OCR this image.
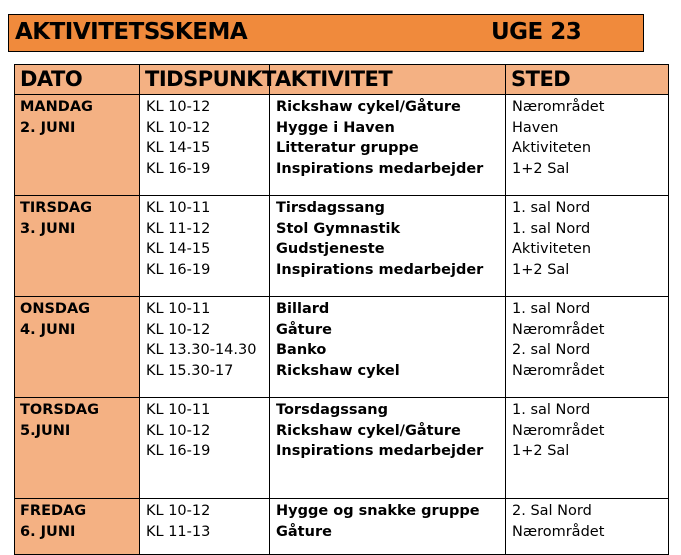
AKTIVITETSSKEMA	UGE 23
DATO	TIDSPUNKT	AKTIVITET	STED

MANDAG
2. JUNI	KL 10-12
KL 10-12
KL 14-15
KL 16-19	Rickshaw cykel/Gåture
Hygge i Haven
Litteratur gruppe
Inspirations medarbejder	Nærområdet
Haven
Aktiviteten
1+2 Sal

TIRSDAG
3. JUNI	KL 10-11
KL 11-12
KL 14-15
KL 16-19	Tirsdagssang
Stol Gymnastik
Gudstjeneste
Inspirations medarbejder	1. sal Nord
1. sal Nord
Aktiviteten
1+2 Sal

ONSDAG
4. JUNI	KL 10-11
KL 10-12
KL 13.30-14.30
KL 15.30-17	Billard
Gåture
Banko
Rickshaw cykel	1. sal Nord
Nærområdet
2. sal Nord
Nærområdet

TORSDAG
5.JUNI	KL 10-11
KL 10-12
KL 16-19	Torsdagssang
Rickshaw cykel/Gåture
Inspirations medarbejder	1. sal Nord
Nærområdet
1+2 Sal

FREDAG
6. JUNI	KL 10-12
KL 11-13	Hygge og snakke gruppe
Gåture	2. Sal Nord
Nærområdet
